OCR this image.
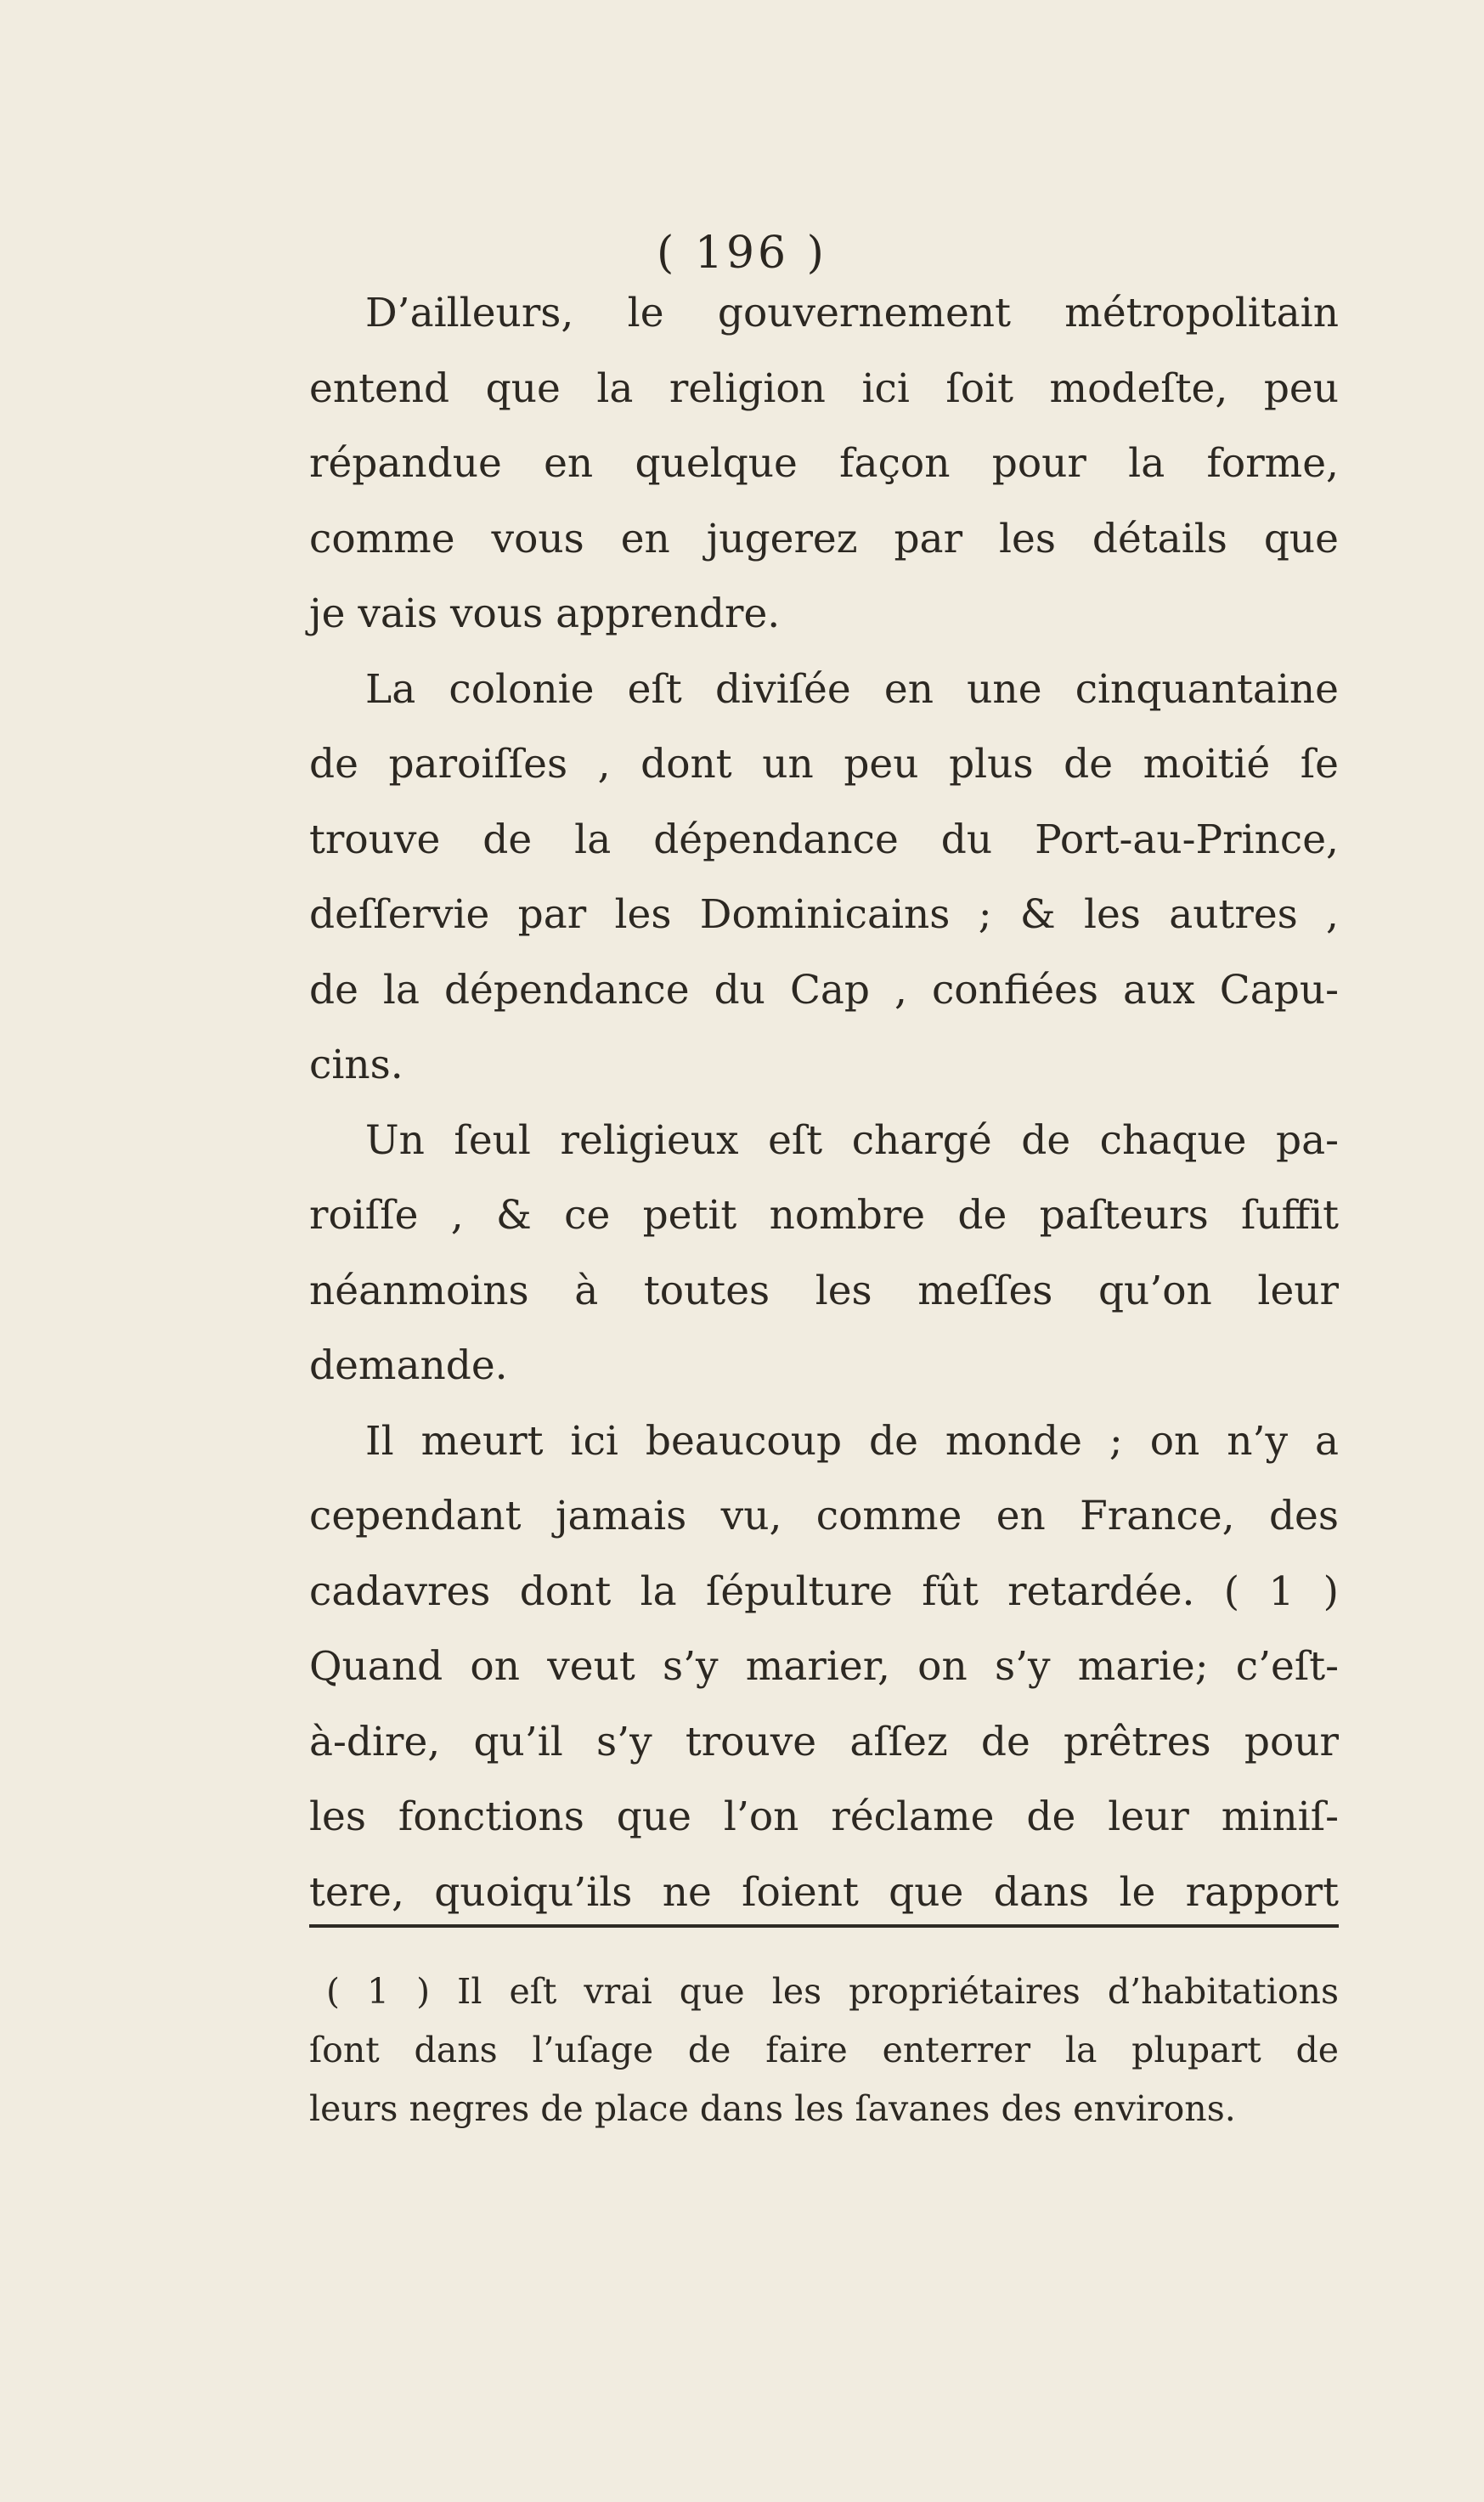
( 196 )
D’ailleurs, le gouvernement métropolitain
entend que la religion ici ſoit modeſte, peu
répandue en quelque façon pour la forme,
comme vous en jugerez par les détails que
je vais vous apprendre.
La colonie eſt diviſée en une cinquantaine
de paroiſſes , dont un peu plus de moitié ſe
trouve de la dépendance du Port-au-Prince,
deſſervie par les Dominicains ; & les autres ,
de la dépendance du Cap , confiées aux Capu-
cins.
Un ſeul religieux eſt chargé de chaque pa-
roiſſe , & ce petit nombre de paſteurs ſuffit
néanmoins à toutes les meſſes qu’on leur
demande.
Il meurt ici beaucoup de monde ; on n’y a
cependant jamais vu, comme en France, des
cadavres dont la ſépulture fût retardée. ( 1 )
Quand on veut s’y marier, on s’y marie; c’eſt-
à-dire, qu’il s’y trouve aſſez de prêtres pour
les fonctions que l’on réclame de leur miniſ-
tere, quoiqu’ils ne ſoient que dans le rapport
( 1 ) Il eſt vrai que les propriétaires d’habitations
ſont dans l’uſage de faire enterrer la plupart de
leurs negres de place dans les ſavanes des environs.
